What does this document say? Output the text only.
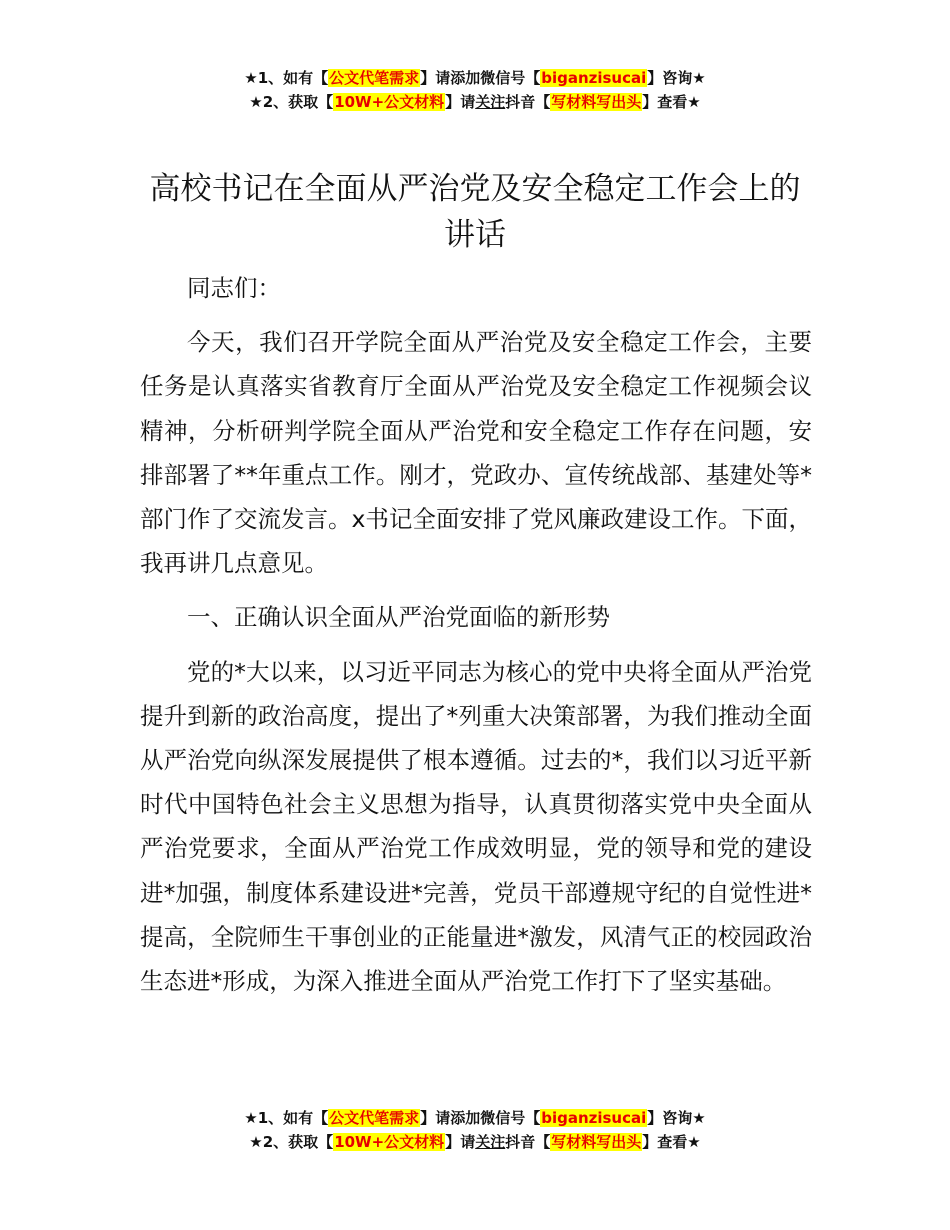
★1、如有【公文代笔需求】请添加微信号【biganzisucai】咨询★
★2、获取【10W+公文材料】请关注抖音【写材料写出头】查看★
高校书记在全面从严治党及安全稳定工作会上的讲话

同志们：

今天，我们召开学院全面从严治党及安全稳定工作会，主要任务是认真落实省教育厅全面从严治党及安全稳定工作视频会议精神，分析研判学院全面从严治党和安全稳定工作存在问题，安排部署了**年重点工作。刚才，党政办、宣传统战部、基建处等*部门作了交流发言。x书记全面安排了党风廉政建设工作。下面，我再讲几点意见。

一、正确认识全面从严治党面临的新形势

党的*大以来，以习近平同志为核心的党中央将全面从严治党提升到新的政治高度，提出了*列重大决策部署，为我们推动全面从严治党向纵深发展提供了根本遵循。过去的*，我们以习近平新时代中国特色社会主义思想为指导，认真贯彻落实党中央全面从严治党要求，全面从严治党工作成效明显，党的领导和党的建设进*加强，制度体系建设进*完善，党员干部遵规守纪的自觉性进*提高，全院师生干事创业的正能量进*激发，风清气正的校园政治生态进*形成，为深入推进全面从严治党工作打下了坚实基础。

★1、如有【公文代笔需求】请添加微信号【biganzisucai】咨询★
★2、获取【10W+公文材料】请关注抖音【写材料写出头】查看★
